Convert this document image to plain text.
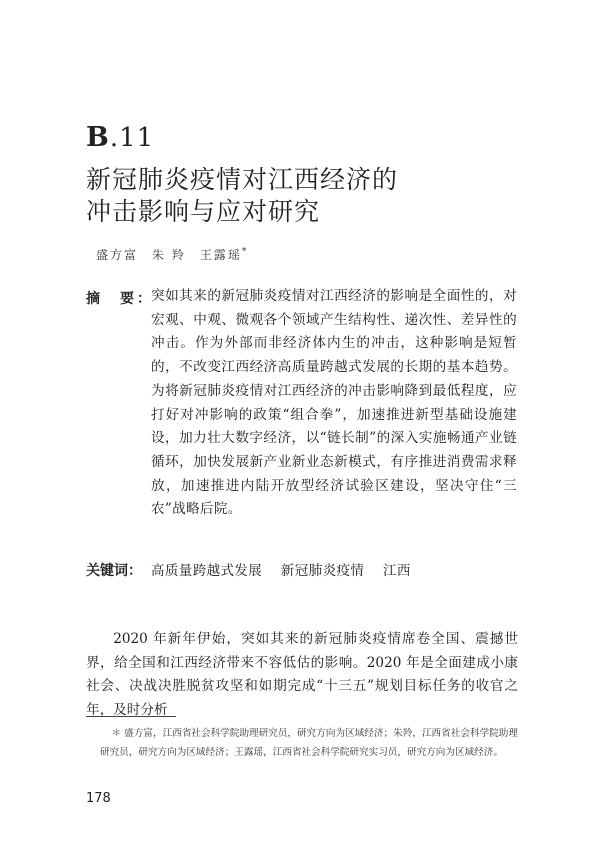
B.11
新冠肺炎疫情对江西经济的
冲击影响与应对研究
盛方富　朱 羚　王露瑶*
摘　要：
突如其来的新冠肺炎疫情对江西经济的影响是全面性的，对宏观、中观、微观各个领域产生结构性、递次性、差异性的冲击。作为外部而非经济体内生的冲击，这种影响是短暂的，不改变江西经济高质量跨越式发展的长期的基本趋势。为将新冠肺炎疫情对江西经济的冲击影响降到最低程度，应打好对冲影响的政策“组合拳”，加速推进新型基础设施建设，加力壮大数字经济，以“链长制”的深入实施畅通产业链循环，加快发展新产业新业态新模式，有序推进消费需求释放，加速推进内陆开放型经济试验区建设，坚决守住“三农”战略后院。
关键词： 高质量跨越式发展 新冠肺炎疫情 江西
2020 年新年伊始，突如其来的新冠肺炎疫情席卷全国、震撼世界，给全国和江西经济带来不容低估的影响。2020 年是全面建成小康社会、决战决胜脱贫攻坚和如期完成“十三五”规划目标任务的收官之年，及时分析
＊ 盛方富，江西省社会科学院助理研究员，研究方向为区域经济；朱羚，江西省社会科学院助理研究员，研究方向为区域经济；王露瑶，江西省社会科学院研究实习员，研究方向为区域经济。
178
